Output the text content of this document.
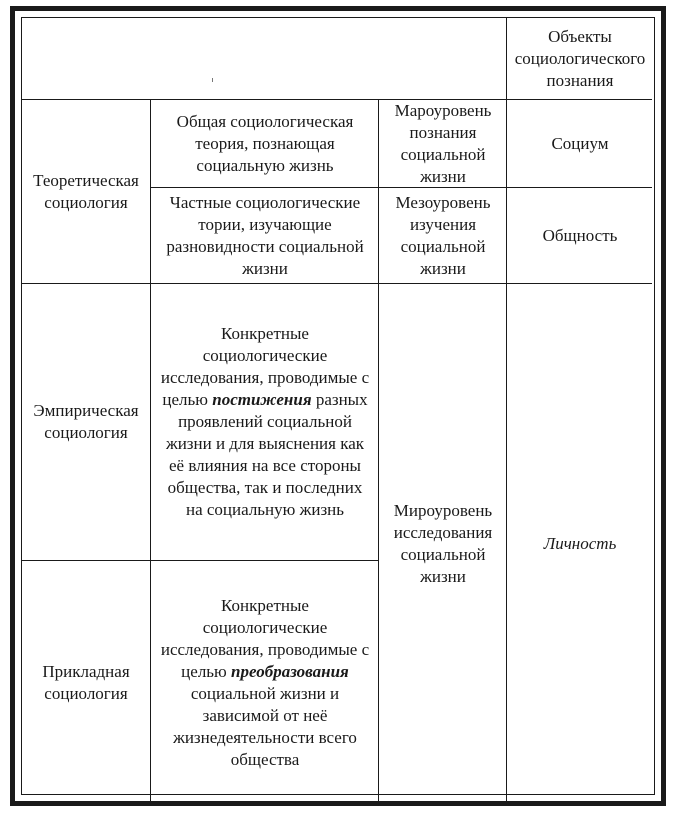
Объекты социологического познания
Теоретическая социология
Общая социологическая теория, познающая социальную жизнь
Мароуровень познания социальной жизни
Социум
Частные социологические тории, изучающие разновидности социальной жизни
Мезоуровень изучения социальной жизни
Общность
Эмпирическая социология
Конкретные социологические исследования, проводимые с целью постижения разных проявлений социальной жизни и для выяснения как её влияния на все стороны общества, так и последних на социальную жизнь	Мироуровень исследования социальной жизни
Личность
Прикладная социология
Конкретные социологические исследования, проводимые с целью преобразования социальной жизни и зависимой от неё жизнедеятельности всего общества
